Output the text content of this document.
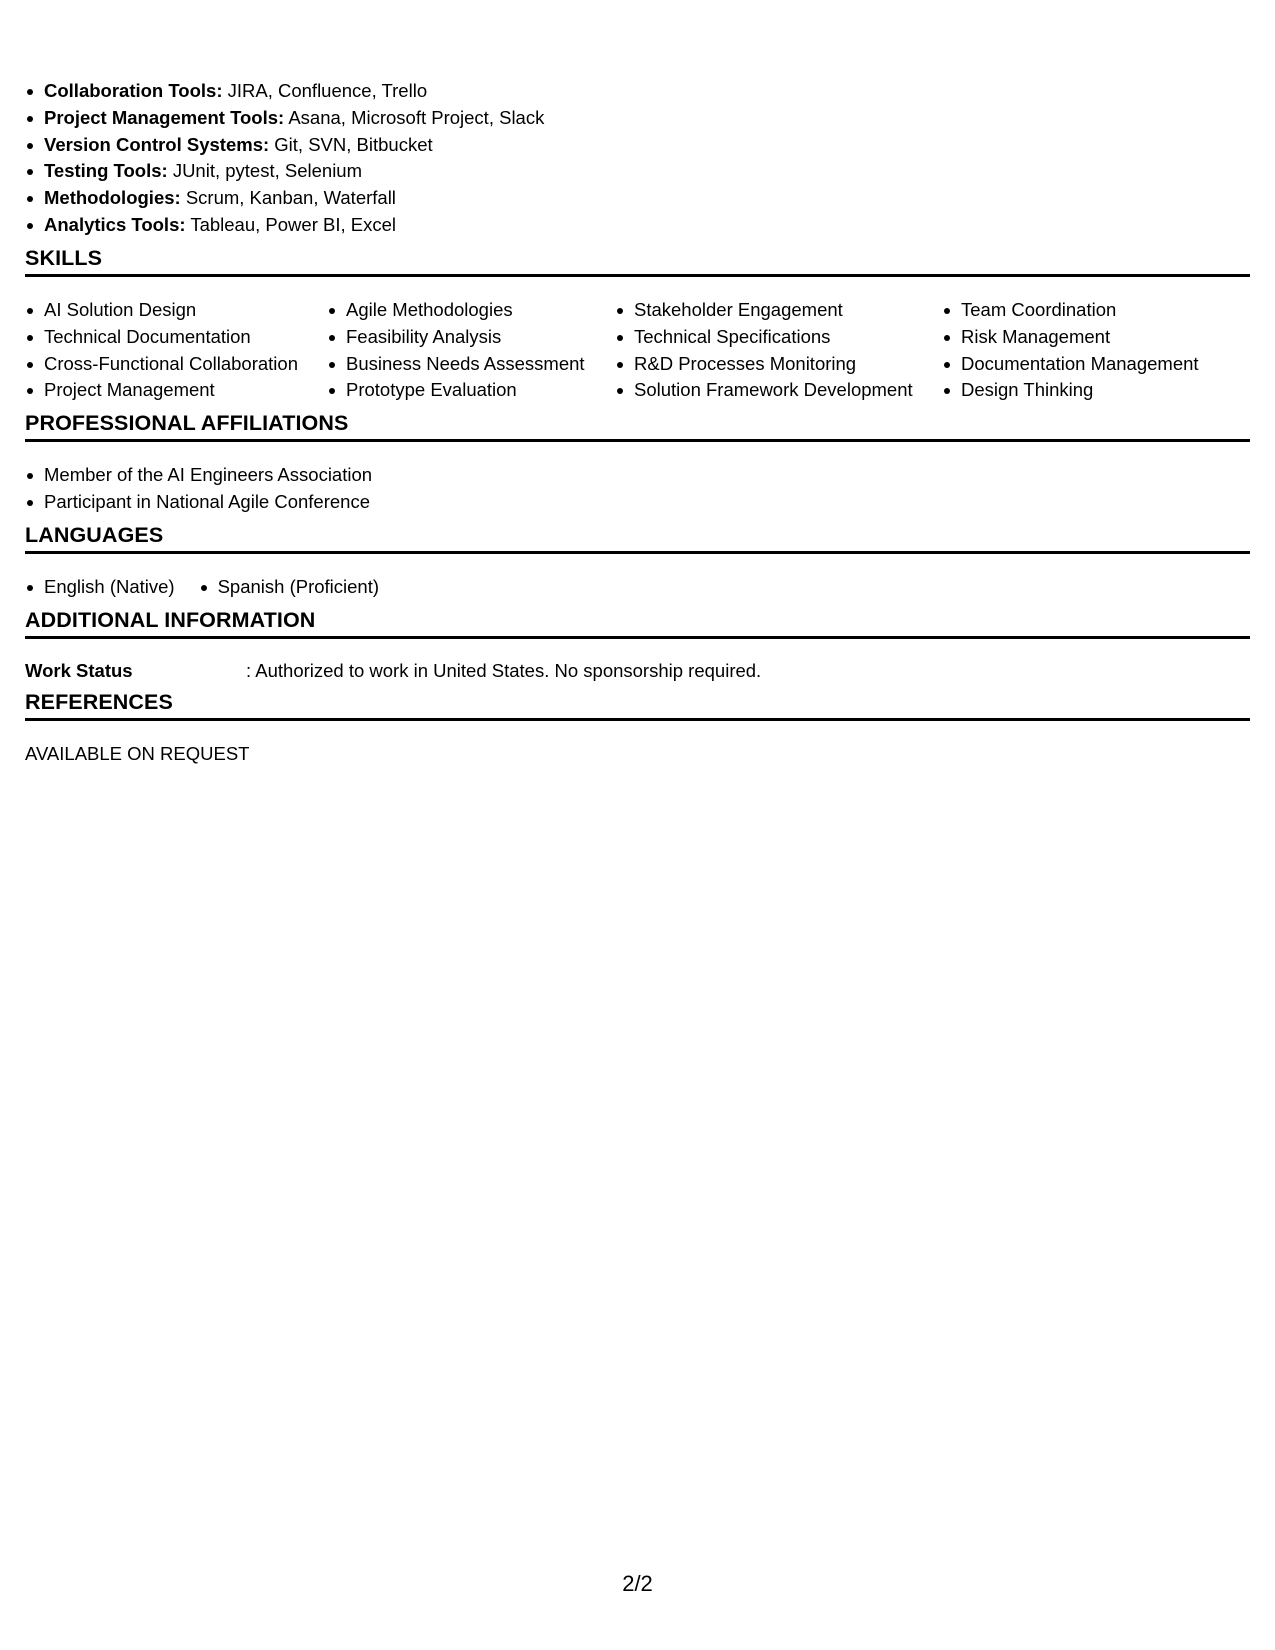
Collaboration Tools: JIRA, Confluence, Trello
Project Management Tools: Asana, Microsoft Project, Slack
Version Control Systems: Git, SVN, Bitbucket
Testing Tools: JUnit, pytest, Selenium
Methodologies: Scrum, Kanban, Waterfall
Analytics Tools: Tableau, Power BI, Excel
SKILLS
AI Solution Design
Technical Documentation
Cross-Functional Collaboration
Project Management
Agile Methodologies
Feasibility Analysis
Business Needs Assessment
Prototype Evaluation
Stakeholder Engagement
Technical Specifications
R&D Processes Monitoring
Solution Framework Development
Team Coordination
Risk Management
Documentation Management
Design Thinking
PROFESSIONAL AFFILIATIONS
Member of the AI Engineers Association
Participant in National Agile Conference
LANGUAGES
English (Native)	Spanish (Proficient)
ADDITIONAL INFORMATION
Work Status	: Authorized to work in United States. No sponsorship required.
REFERENCES
AVAILABLE ON REQUEST
2/2
